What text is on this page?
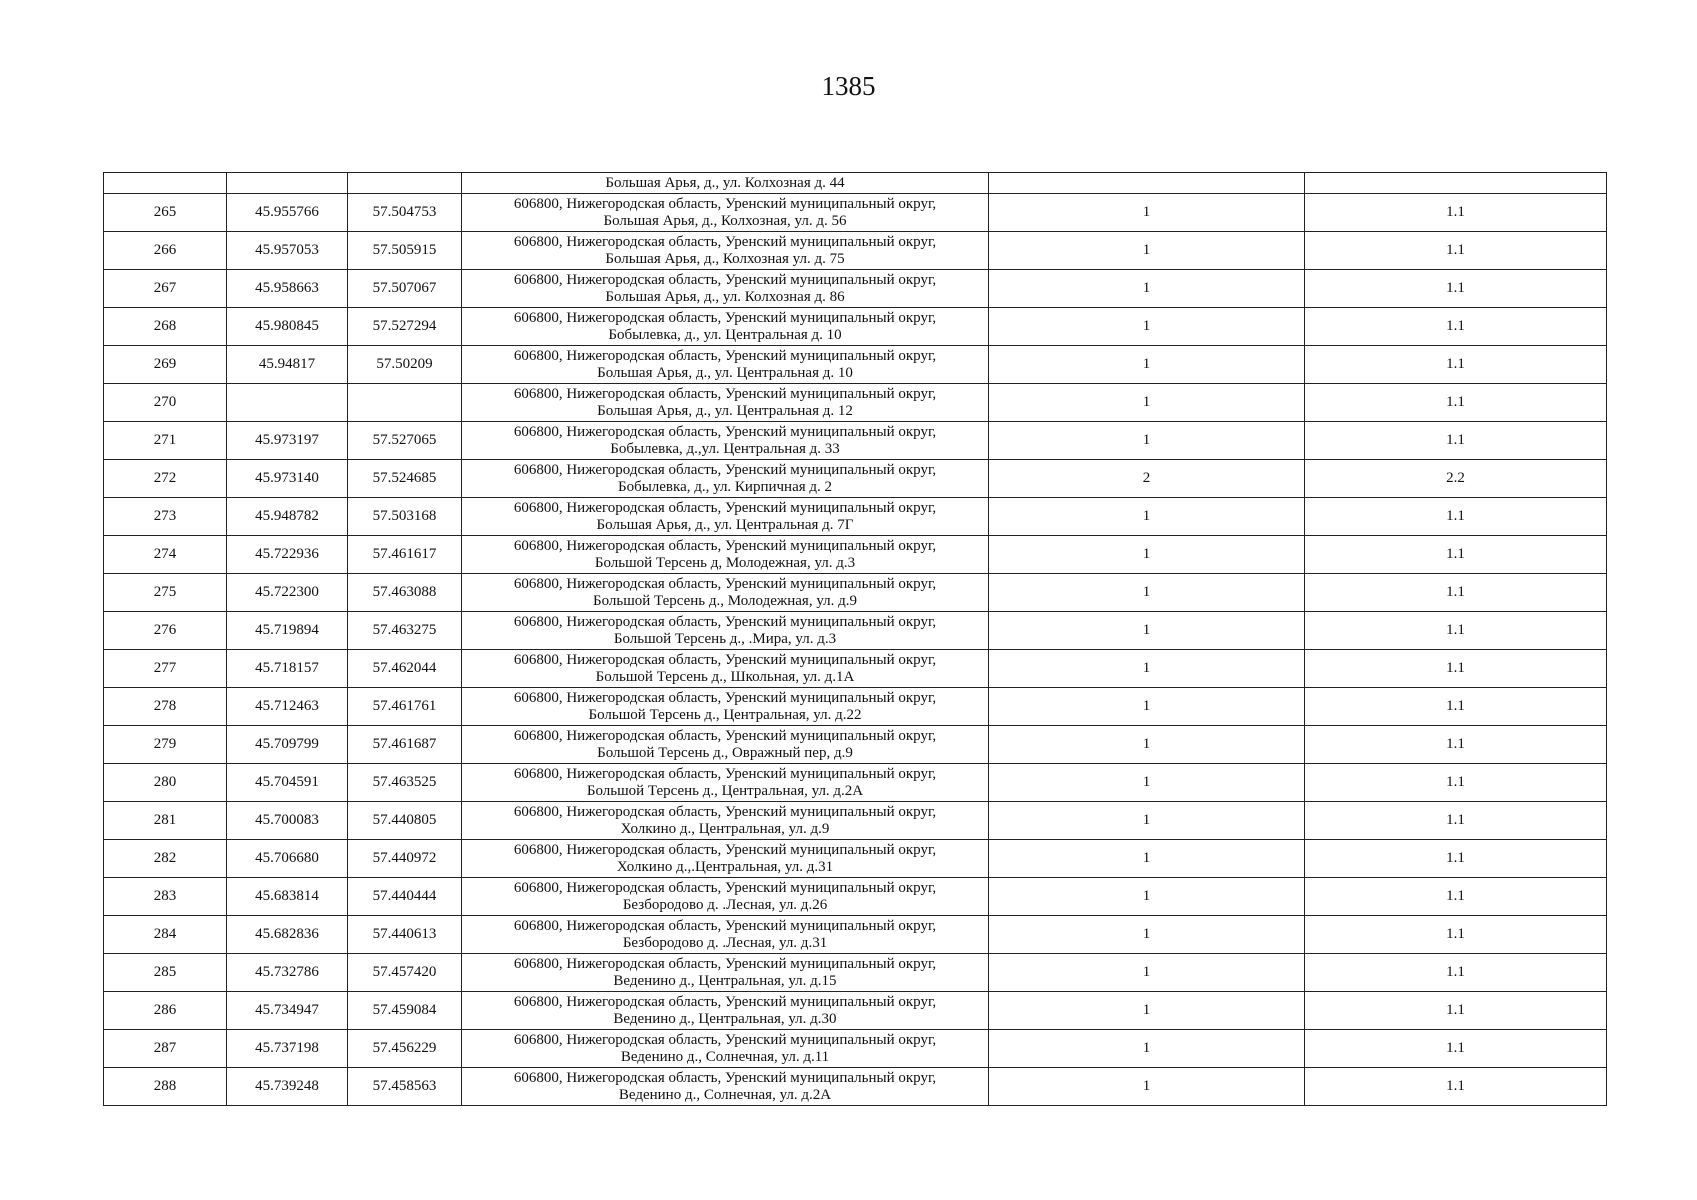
1385

			Большая Арья, д., ул. Колхозная д. 44		

265	45.955766	57.504753	606800, Нижегородская область, Уренский муниципальный округ,
Большая Арья, д., Колхозная, ул. д. 56	1	1.1
266	45.957053	57.505915	606800, Нижегородская область, Уренский муниципальный округ,
Большая Арья, д., Колхозная ул. д. 75	1	1.1
267	45.958663	57.507067	606800, Нижегородская область, Уренский муниципальный округ,
Большая Арья, д., ул. Колхозная д. 86	1	1.1
268	45.980845	57.527294	606800, Нижегородская область, Уренский муниципальный округ,
Бобылевка, д., ул. Центральная д. 10	1	1.1
269	45.94817	57.50209	606800, Нижегородская область, Уренский муниципальный округ,
Большая Арья, д., ул. Центральная д. 10	1	1.1
270			606800, Нижегородская область, Уренский муниципальный округ,
Большая Арья, д., ул. Центральная д. 12	1	1.1
271	45.973197	57.527065	606800, Нижегородская область, Уренский муниципальный округ,
Бобылевка, д.,ул. Центральная д. 33	1	1.1
272	45.973140	57.524685	606800, Нижегородская область, Уренский муниципальный округ,
Бобылевка, д., ул. Кирпичная д. 2	2	2.2
273	45.948782	57.503168	606800, Нижегородская область, Уренский муниципальный округ,
Большая Арья, д., ул. Центральная д. 7Г	1	1.1
274	45.722936	57.461617	606800, Нижегородская область, Уренский муниципальный округ,
Большой Терсень д, Молодежная, ул. д.3	1	1.1
275	45.722300	57.463088	606800, Нижегородская область, Уренский муниципальный округ,
Большой Терсень д., Молодежная, ул. д.9	1	1.1
276	45.719894	57.463275	606800, Нижегородская область, Уренский муниципальный округ,
Большой Терсень д., .Мира, ул. д.3	1	1.1
277	45.718157	57.462044	606800, Нижегородская область, Уренский муниципальный округ,
Большой Терсень д., Школьная, ул. д.1А	1	1.1
278	45.712463	57.461761	606800, Нижегородская область, Уренский муниципальный округ,
Большой Терсень д., Центральная, ул. д.22	1	1.1
279	45.709799	57.461687	606800, Нижегородская область, Уренский муниципальный округ,
Большой Терсень д., Овражный пер, д.9	1	1.1
280	45.704591	57.463525	606800, Нижегородская область, Уренский муниципальный округ,
Большой Терсень д., Центральная, ул. д.2А	1	1.1
281	45.700083	57.440805	606800, Нижегородская область, Уренский муниципальный округ,
Холкино д., Центральная, ул. д.9	1	1.1
282	45.706680	57.440972	606800, Нижегородская область, Уренский муниципальный округ,
Холкино д.,.Центральная, ул. д.31	1	1.1
283	45.683814	57.440444	606800, Нижегородская область, Уренский муниципальный округ,
Безбородово д. .Лесная, ул. д.26	1	1.1
284	45.682836	57.440613	606800, Нижегородская область, Уренский муниципальный округ,
Безбородово д. .Лесная, ул. д.31	1	1.1
285	45.732786	57.457420	606800, Нижегородская область, Уренский муниципальный округ,
Веденино д., Центральная, ул. д.15	1	1.1
286	45.734947	57.459084	606800, Нижегородская область, Уренский муниципальный округ,
Веденино д., Центральная, ул. д.30	1	1.1
287	45.737198	57.456229	606800, Нижегородская область, Уренский муниципальный округ,
Веденино д., Солнечная, ул. д.11	1	1.1
288	45.739248	57.458563	606800, Нижегородская область, Уренский муниципальный округ,
Веденино д., Солнечная, ул. д.2А	1	1.1
